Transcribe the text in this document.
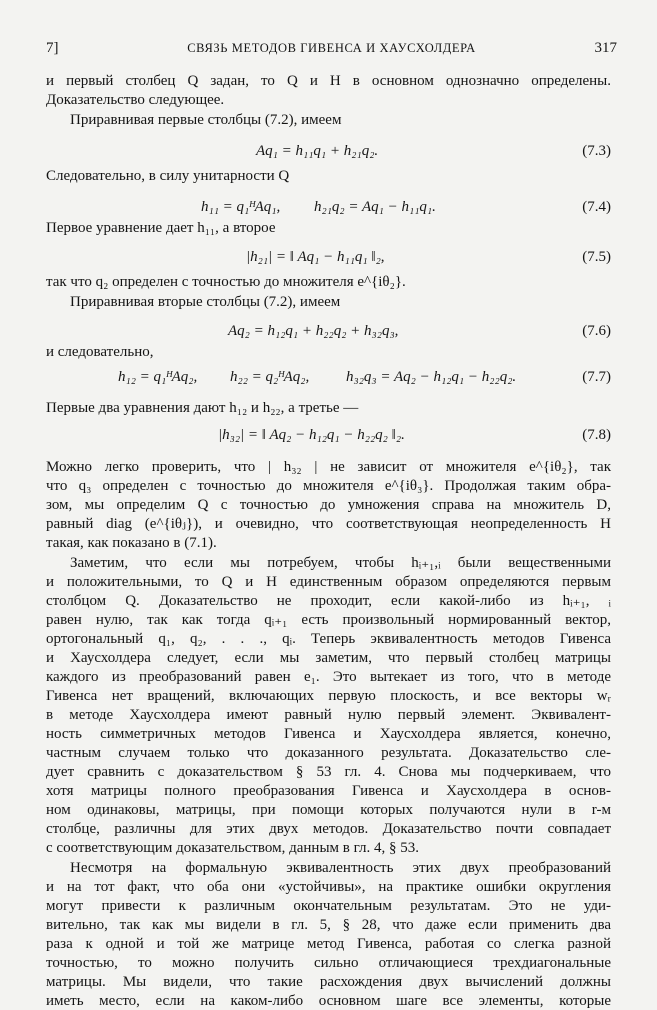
7]	СВЯЗЬ МЕТОДОВ ГИВЕНСА И ХАУСХОЛДЕРА	317
и первый столбец Q задан, то Q и H в основном однозначно определены.
Доказательство следующее.
Приравнивая первые столбцы (7.2), имеем
Aq₁ = h₁₁q₁ + h₂₁q₂.	(7.3)
Следовательно, в силу унитарности Q
h₁₁ = q₁ᴴAq₁, h₂₁q₂ = Aq₁ − h₁₁q₁.	(7.4)
Первое уравнение дает h₁₁, а второе
|h₂₁| = ‖ Aq₁ − h₁₁q₁ ‖₂,	(7.5)
так что q₂ определен с точностью до множителя e^{iθ₂}.
Приравнивая вторые столбцы (7.2), имеем
Aq₂ = h₁₂q₁ + h₂₂q₂ + h₃₂q₃,	(7.6)
и следовательно,
h₁₂ = q₁ᴴAq₂, h₂₂ = q₂ᴴAq₂, h₃₂q₃ = Aq₂ − h₁₂q₁ − h₂₂q₂.	(7.7)
Первые два уравнения дают h₁₂ и h₂₂, а третье —
|h₃₂| = ‖ Aq₂ − h₁₂q₁ − h₂₂q₂ ‖₂.	(7.8)
Можно легко проверить, что | h₃₂ | не зависит от множителя e^{iθ₂}, так
что q₃ определен с точностью до множителя e^{iθ₃}. Продолжая таким обра-
зом, мы определим Q с точностью до умножения справа на множитель D,
равный diag (e^{iθⱼ}), и очевидно, что соответствующая неопределенность H
такая, как показано в (7.1).
Заметим, что если мы потребуем, чтобы hᵢ₊₁,ᵢ были вещественными
и положительными, то Q и H единственным образом определяются первым
столбцом Q. Доказательство не проходит, если какой-либо из hᵢ₊₁, ᵢ
равен нулю, так как тогда qᵢ₊₁ есть произвольный нормированный вектор,
ортогональный q₁, q₂, . . ., qᵢ. Теперь эквивалентность методов Гивенса
и Хаусхолдера следует, если мы заметим, что первый столбец матрицы
каждого из преобразований равен e₁. Это вытекает из того, что в методе
Гивенса нет вращений, включающих первую плоскость, и все векторы wᵣ
в методе Хаусхолдера имеют равный нулю первый элемент. Эквивалент-
ность симметричных методов Гивенса и Хаусхолдера является, конечно,
частным случаем только что доказанного результата. Доказательство сле-
дует сравнить с доказательством § 53 гл. 4. Снова мы подчеркиваем, что
хотя матрицы полного преобразования Гивенса и Хаусхолдера в основ-
ном одинаковы, матрицы, при помощи которых получаются нули в r-м
столбце, различны для этих двух методов. Доказательство почти совпадает
с соответствующим доказательством, данным в гл. 4, § 53.
Несмотря на формальную эквивалентность этих двух преобразований
и на тот факт, что оба они «устойчивы», на практике ошибки округления
могут привести к различным окончательным результатам. Это не уди-
вительно, так как мы видели в гл. 5, § 28, что даже если применить два
раза к одной и той же матрице метод Гивенса, работая со слегка разной
точностью, то можно получить сильно отличающиеся трехдиагональные
матрицы. Мы видели, что такие расхождения двух вычислений должны
иметь место, если на каком-либо основном шаге все элементы, которые
